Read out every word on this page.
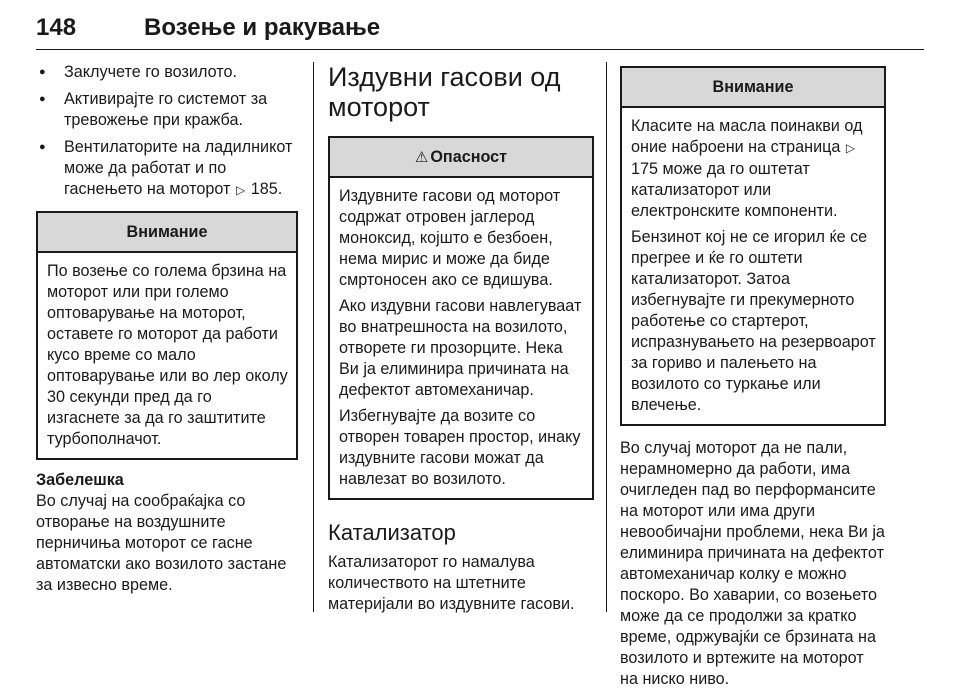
148	Возење и ракување
● Заклучете го возилото.
● Активирајте го системот за тревожење при кражба.
● Вентилаторите на ладилникот може да работат и по гаснењето на моторот ▷ 185.
Внимание

По возење со голема брзина на моторот или при големо оптоварување на моторот, оставете го моторот да работи кусо време со мало оптоварување или во лер околу 30 секунди пред да го изгаснете за да го заштитите турбополначот.

Забелешка
Во случај на сообраќајка со отворање на воздушните перничиња моторот се гасне автоматски ако возилото застане за извесно време.
Издувни гасови од моторот
⚠ Опасност

Издувните гасови од моторот содржат отровен јаглерод моноксид, којшто е безбоен, нема мирис и може да биде смртоносен ако се вдишува.

Ако издувни гасови навлегуваат во внатрешноста на возилото, отворете ги прозорците. Нека Ви ја елиминира причината на дефектот автомеханичар.

Избегнувајте да возите со отворен товарен простор, инаку издувните гасови можат да навлезат во возилото.

Катализатор

Катализаторот го намалува количеството на штетните материјали во издувните гасови.

Внимание

Класите на масла поинакви од оние наброени на страница ▷ 175 може да го оштетат катализаторот или електронските компоненти.

Бензинот кој не се игорил ќе се прегрее и ќе го оштети катализаторот. Затоа избегнувајте ги прекумерното работење со стартерот, испразнувањето на резервоарот за гориво и палењето на возилото со туркање или влечење.

Во случај моторот да не пали, нерамномерно да работи, има очигледен пад во перформансите на моторот или има други невообичајни проблеми, нека Ви ја елиминира причината на дефектот автомеханичар колку е можно поскоро. Во хаварии, со возењето може да се продолжи за кратко време, одржувајќи се брзината на возилото и вртежите на моторот на ниско ниво.
